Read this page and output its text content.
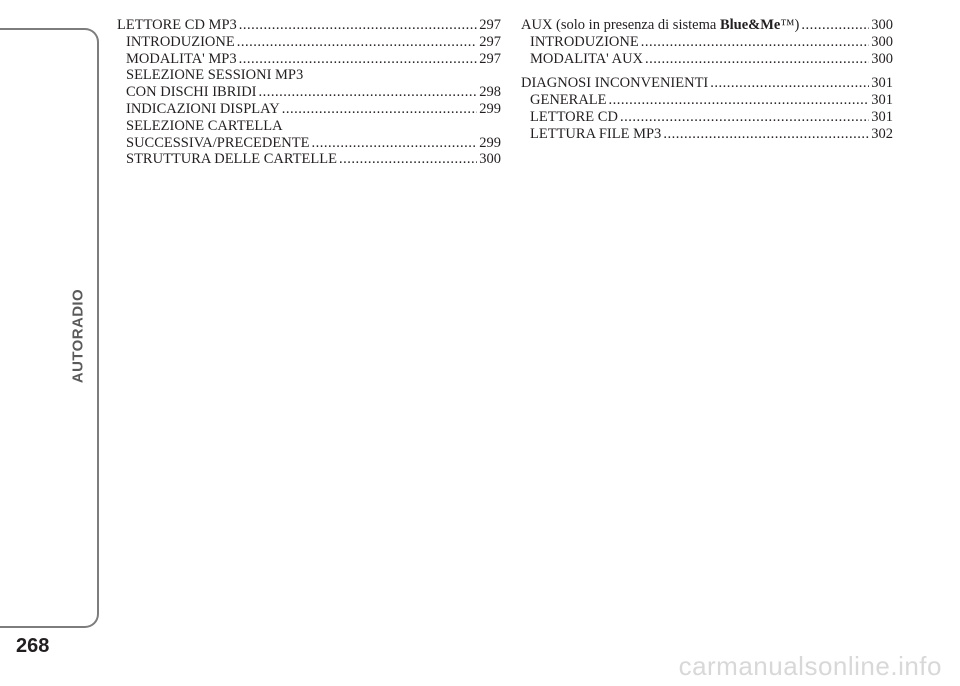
AUTORADIO
268
LETTORE CD MP3 .....	297
INTRODUZIONE .....	297
MODALITA' MP3 .....	297
SELEZIONE SESSIONI MP3
CON DISCHI IBRIDI .....	298
INDICAZIONI DISPLAY .....	299
SELEZIONE CARTELLA
SUCCESSIVA/PRECEDENTE .....	299
STRUTTURA DELLE CARTELLE .....	300
AUX (solo in presenza di sistema Blue&Me™) .....	300
INTRODUZIONE .....	300
MODALITA' AUX .....	300
DIAGNOSI INCONVENIENTI .....	301
GENERALE .....	301
LETTORE CD .....	301
LETTURA FILE MP3 .....	302
carmanualsonline.info
